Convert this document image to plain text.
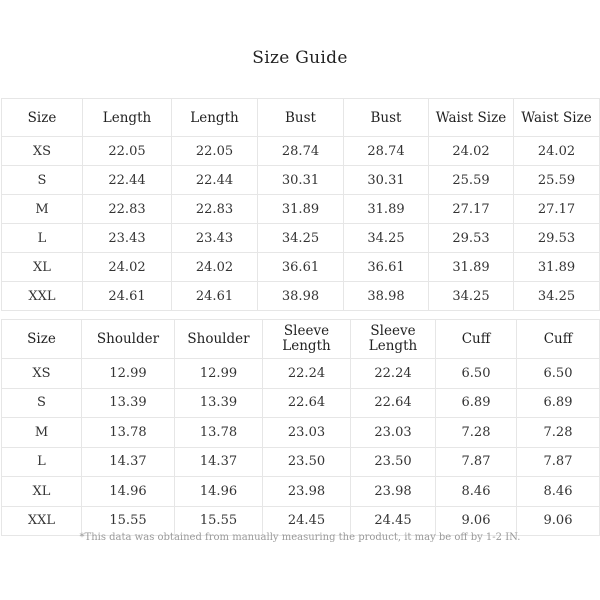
Size Guide
Size	Length	Length	Bust	Bust	Waist Size	Waist Size
XS	22.05	22.05	28.74	28.74	24.02	24.02
S	22.44	22.44	30.31	30.31	25.59	25.59
M	22.83	22.83	31.89	31.89	27.17	27.17
L	23.43	23.43	34.25	34.25	29.53	29.53
XL	24.02	24.02	36.61	36.61	31.89	31.89
XXL	24.61	24.61	38.98	38.98	34.25	34.25
Size	Shoulder	Shoulder	Sleeve Length	Sleeve Length	Cuff	Cuff
XS	12.99	12.99	22.24	22.24	6.50	6.50
S	13.39	13.39	22.64	22.64	6.89	6.89
M	13.78	13.78	23.03	23.03	7.28	7.28
L	14.37	14.37	23.50	23.50	7.87	7.87
XL	14.96	14.96	23.98	23.98	8.46	8.46
XXL	15.55	15.55	24.45	24.45	9.06	9.06
*This data was obtained from manually measuring the product, it may be off by 1-2 IN.
